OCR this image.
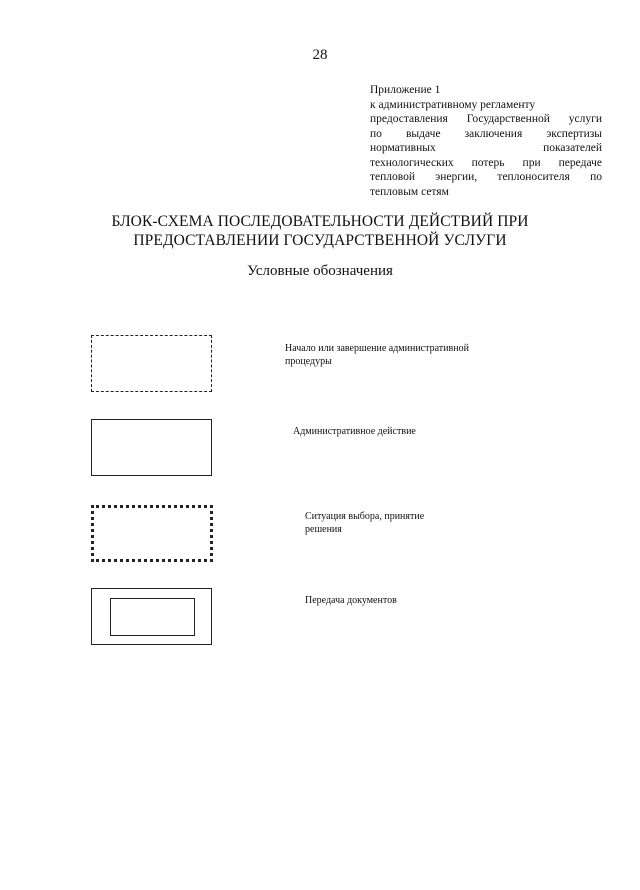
28
Приложение 1
к административному регламенту
предоставления Государственной услуги
по выдаче заключения экспертизы
нормативных показателей
технологических потерь при передаче
тепловой энергии, теплоносителя по
тепловым сетям
БЛОК-СХЕМА ПОСЛЕДОВАТЕЛЬНОСТИ ДЕЙСТВИЙ ПРИ
ПРЕДОСТАВЛЕНИИ ГОСУДАРСТВЕННОЙ УСЛУГИ
Условные обозначения
Начало или завершение административной
процедуры
Административное действие
Ситуация выбора, принятие
решения
Передача документов
